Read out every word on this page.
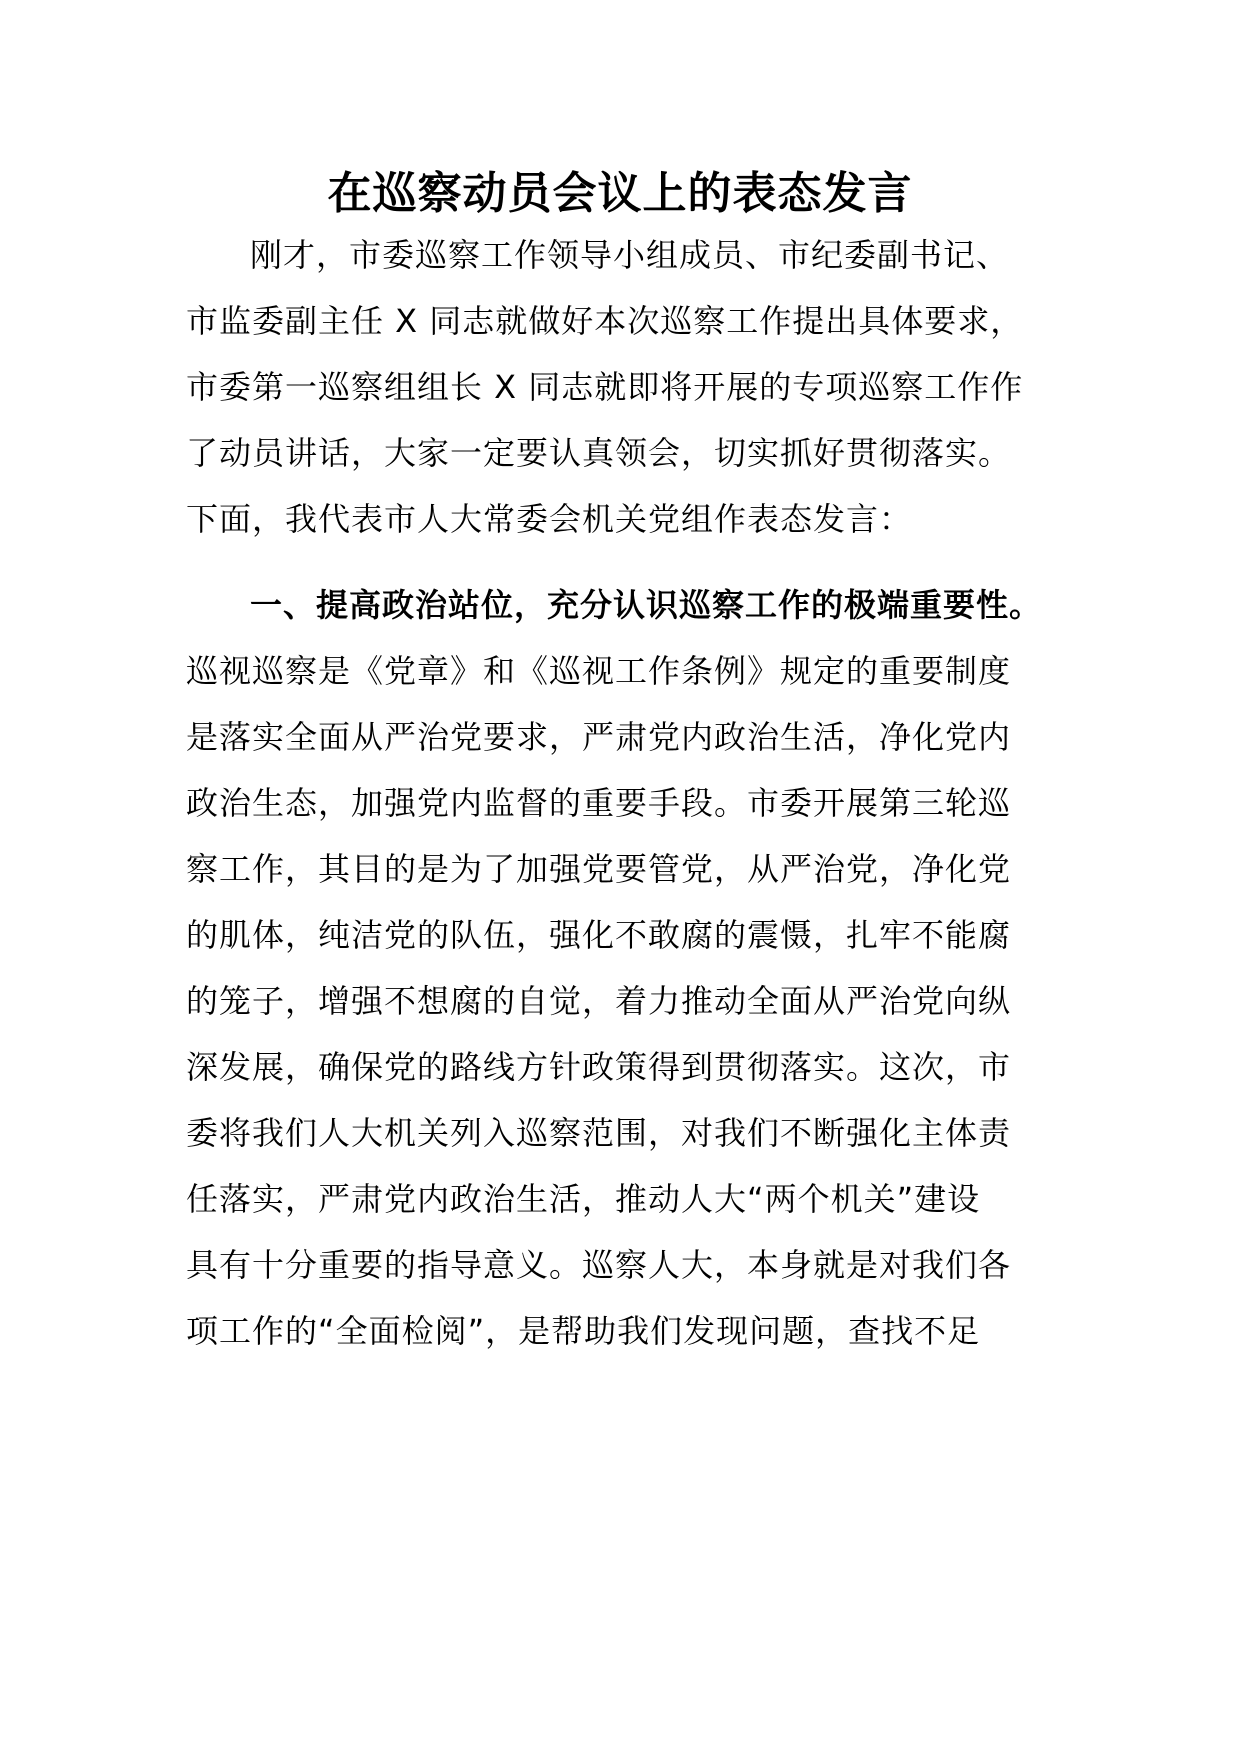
在巡察动员会议上的表态发言
刚才，市委巡察工作领导小组成员、市纪委副书记、
市监委副主任 X 同志就做好本次巡察工作提出具体要求，
市委第一巡察组组长 X 同志就即将开展的专项巡察工作作
了动员讲话，大家一定要认真领会，切实抓好贯彻落实。
下面，我代表市人大常委会机关党组作表态发言：
一、提高政治站位，充分认识巡察工作的极端重要性。
巡视巡察是《党章》和《巡视工作条例》规定的重要制度
是落实全面从严治党要求，严肃党内政治生活，净化党内
政治生态，加强党内监督的重要手段。市委开展第三轮巡
察工作，其目的是为了加强党要管党，从严治党，净化党
的肌体，纯洁党的队伍，强化不敢腐的震慑，扎牢不能腐
的笼子，增强不想腐的自觉，着力推动全面从严治党向纵
深发展，确保党的路线方针政策得到贯彻落实。这次，市
委将我们人大机关列入巡察范围，对我们不断强化主体责
任落实，严肃党内政治生活，推动人大“两个机关”建设
具有十分重要的指导意义。巡察人大，本身就是对我们各
项工作的“全面检阅”，是帮助我们发现问题，查找不足
